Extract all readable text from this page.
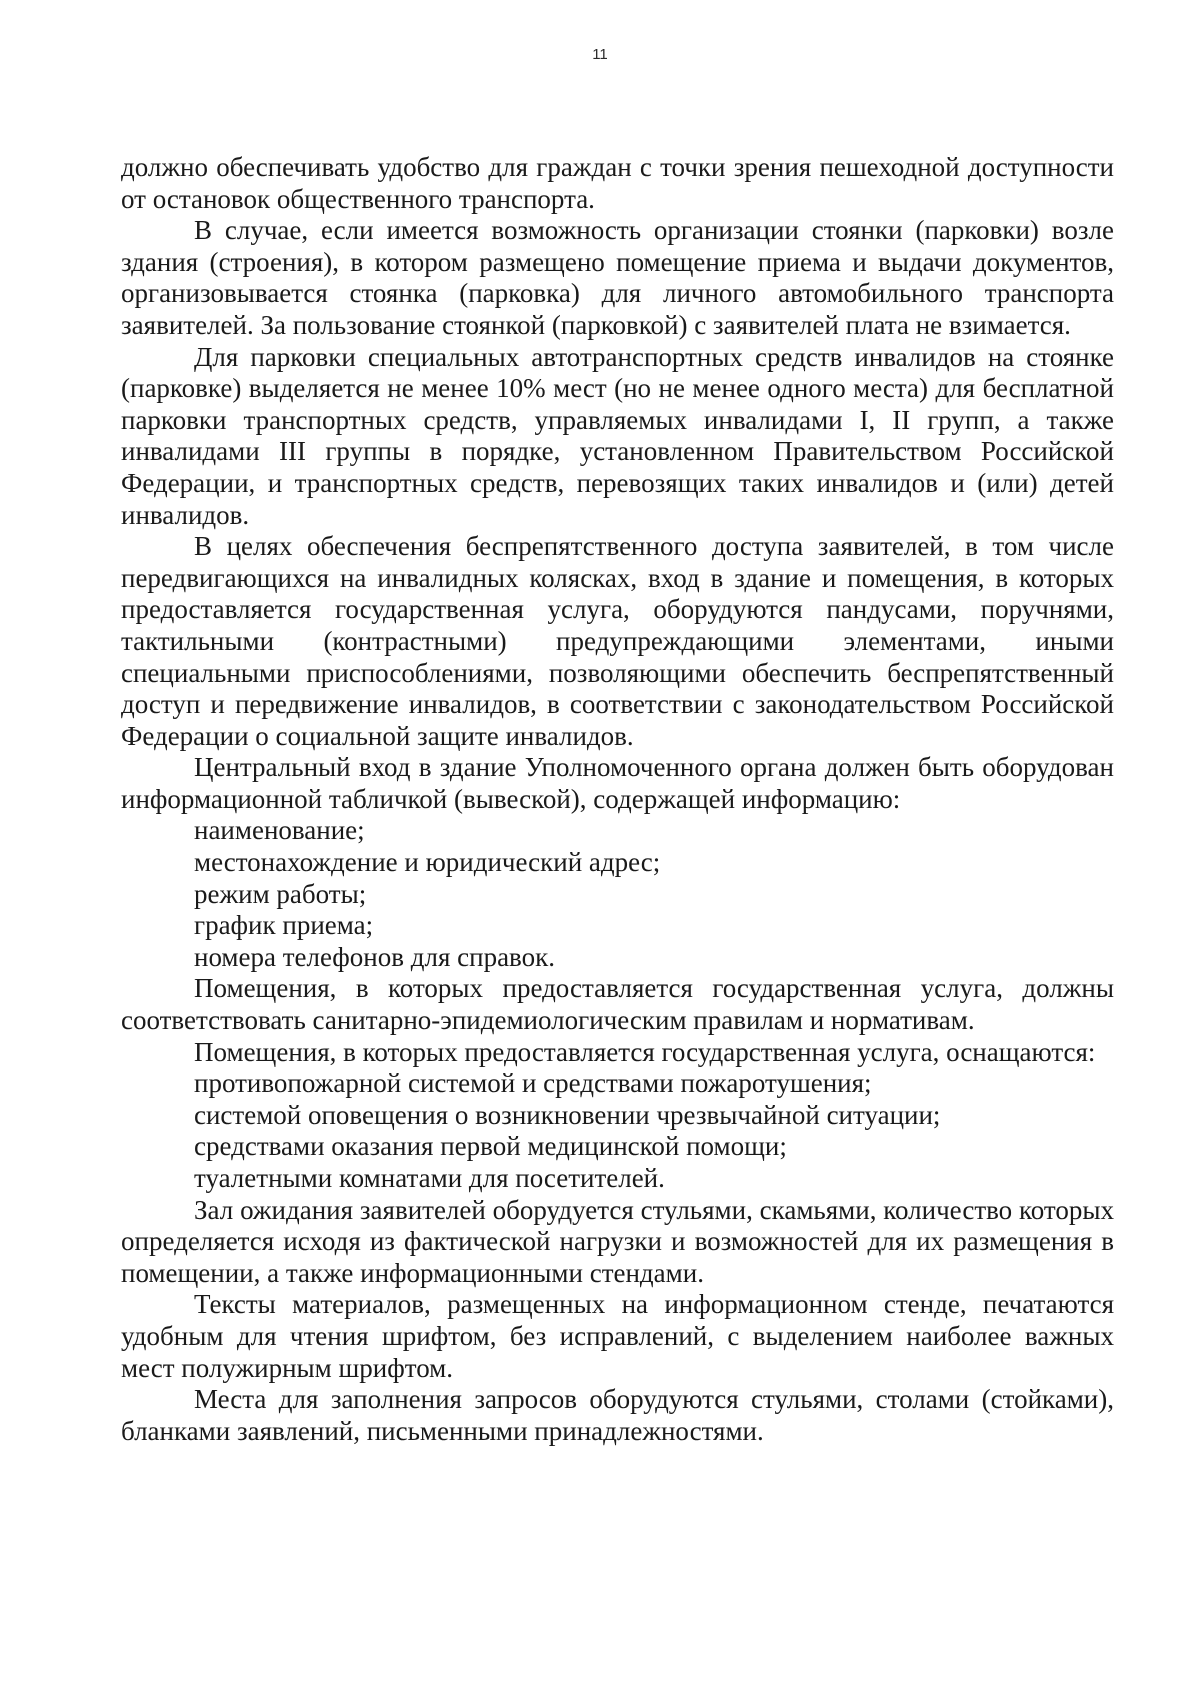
11

должно обеспечивать удобство для граждан с точки зрения пешеходной доступности от остановок общественного транспорта.

В случае, если имеется возможность организации стоянки (парковки) возле здания (строения), в котором размещено помещение приема и выдачи документов, организовывается стоянка (парковка) для личного автомобильного транспорта заявителей. За пользование стоянкой (парковкой) с заявителей плата не взимается.

Для парковки специальных автотранспортных средств инвалидов на стоянке (парковке) выделяется не менее 10% мест (но не менее одного места) для бесплатной парковки транспортных средств, управляемых инвалидами I, II групп, а также инвалидами III группы в порядке, установленном Правительством Российской Федерации, и транспортных средств, перевозящих таких инвалидов и (или) детей инвалидов.

В целях обеспечения беспрепятственного доступа заявителей, в том числе передвигающихся на инвалидных колясках, вход в здание и помещения, в которых предоставляется государственная услуга, оборудуются пандусами, поручнями, тактильными (контрастными) предупреждающими элементами, иными специальными приспособлениями, позволяющими обеспечить беспрепятственный доступ и передвижение инвалидов, в соответствии с законодательством Российской Федерации о социальной защите инвалидов.

Центральный вход в здание Уполномоченного органа должен быть оборудован информационной табличкой (вывеской), содержащей информацию:

наименование;

местонахождение и юридический адрес;

режим работы;

график приема;

номера телефонов для справок.

Помещения, в которых предоставляется государственная услуга, должны соответствовать санитарно-эпидемиологическим правилам и нормативам.

Помещения, в которых предоставляется государственная услуга, оснащаются:

противопожарной системой и средствами пожаротушения;

системой оповещения о возникновении чрезвычайной ситуации;

средствами оказания первой медицинской помощи;

туалетными комнатами для посетителей.

Зал ожидания заявителей оборудуется стульями, скамьями, количество которых определяется исходя из фактической нагрузки и возможностей для их размещения в помещении, а также информационными стендами.

Тексты материалов, размещенных на информационном стенде, печатаются удобным для чтения шрифтом, без исправлений, с выделением наиболее важных мест полужирным шрифтом.

Места для заполнения запросов оборудуются стульями, столами (стойками), бланками заявлений, письменными принадлежностями.
